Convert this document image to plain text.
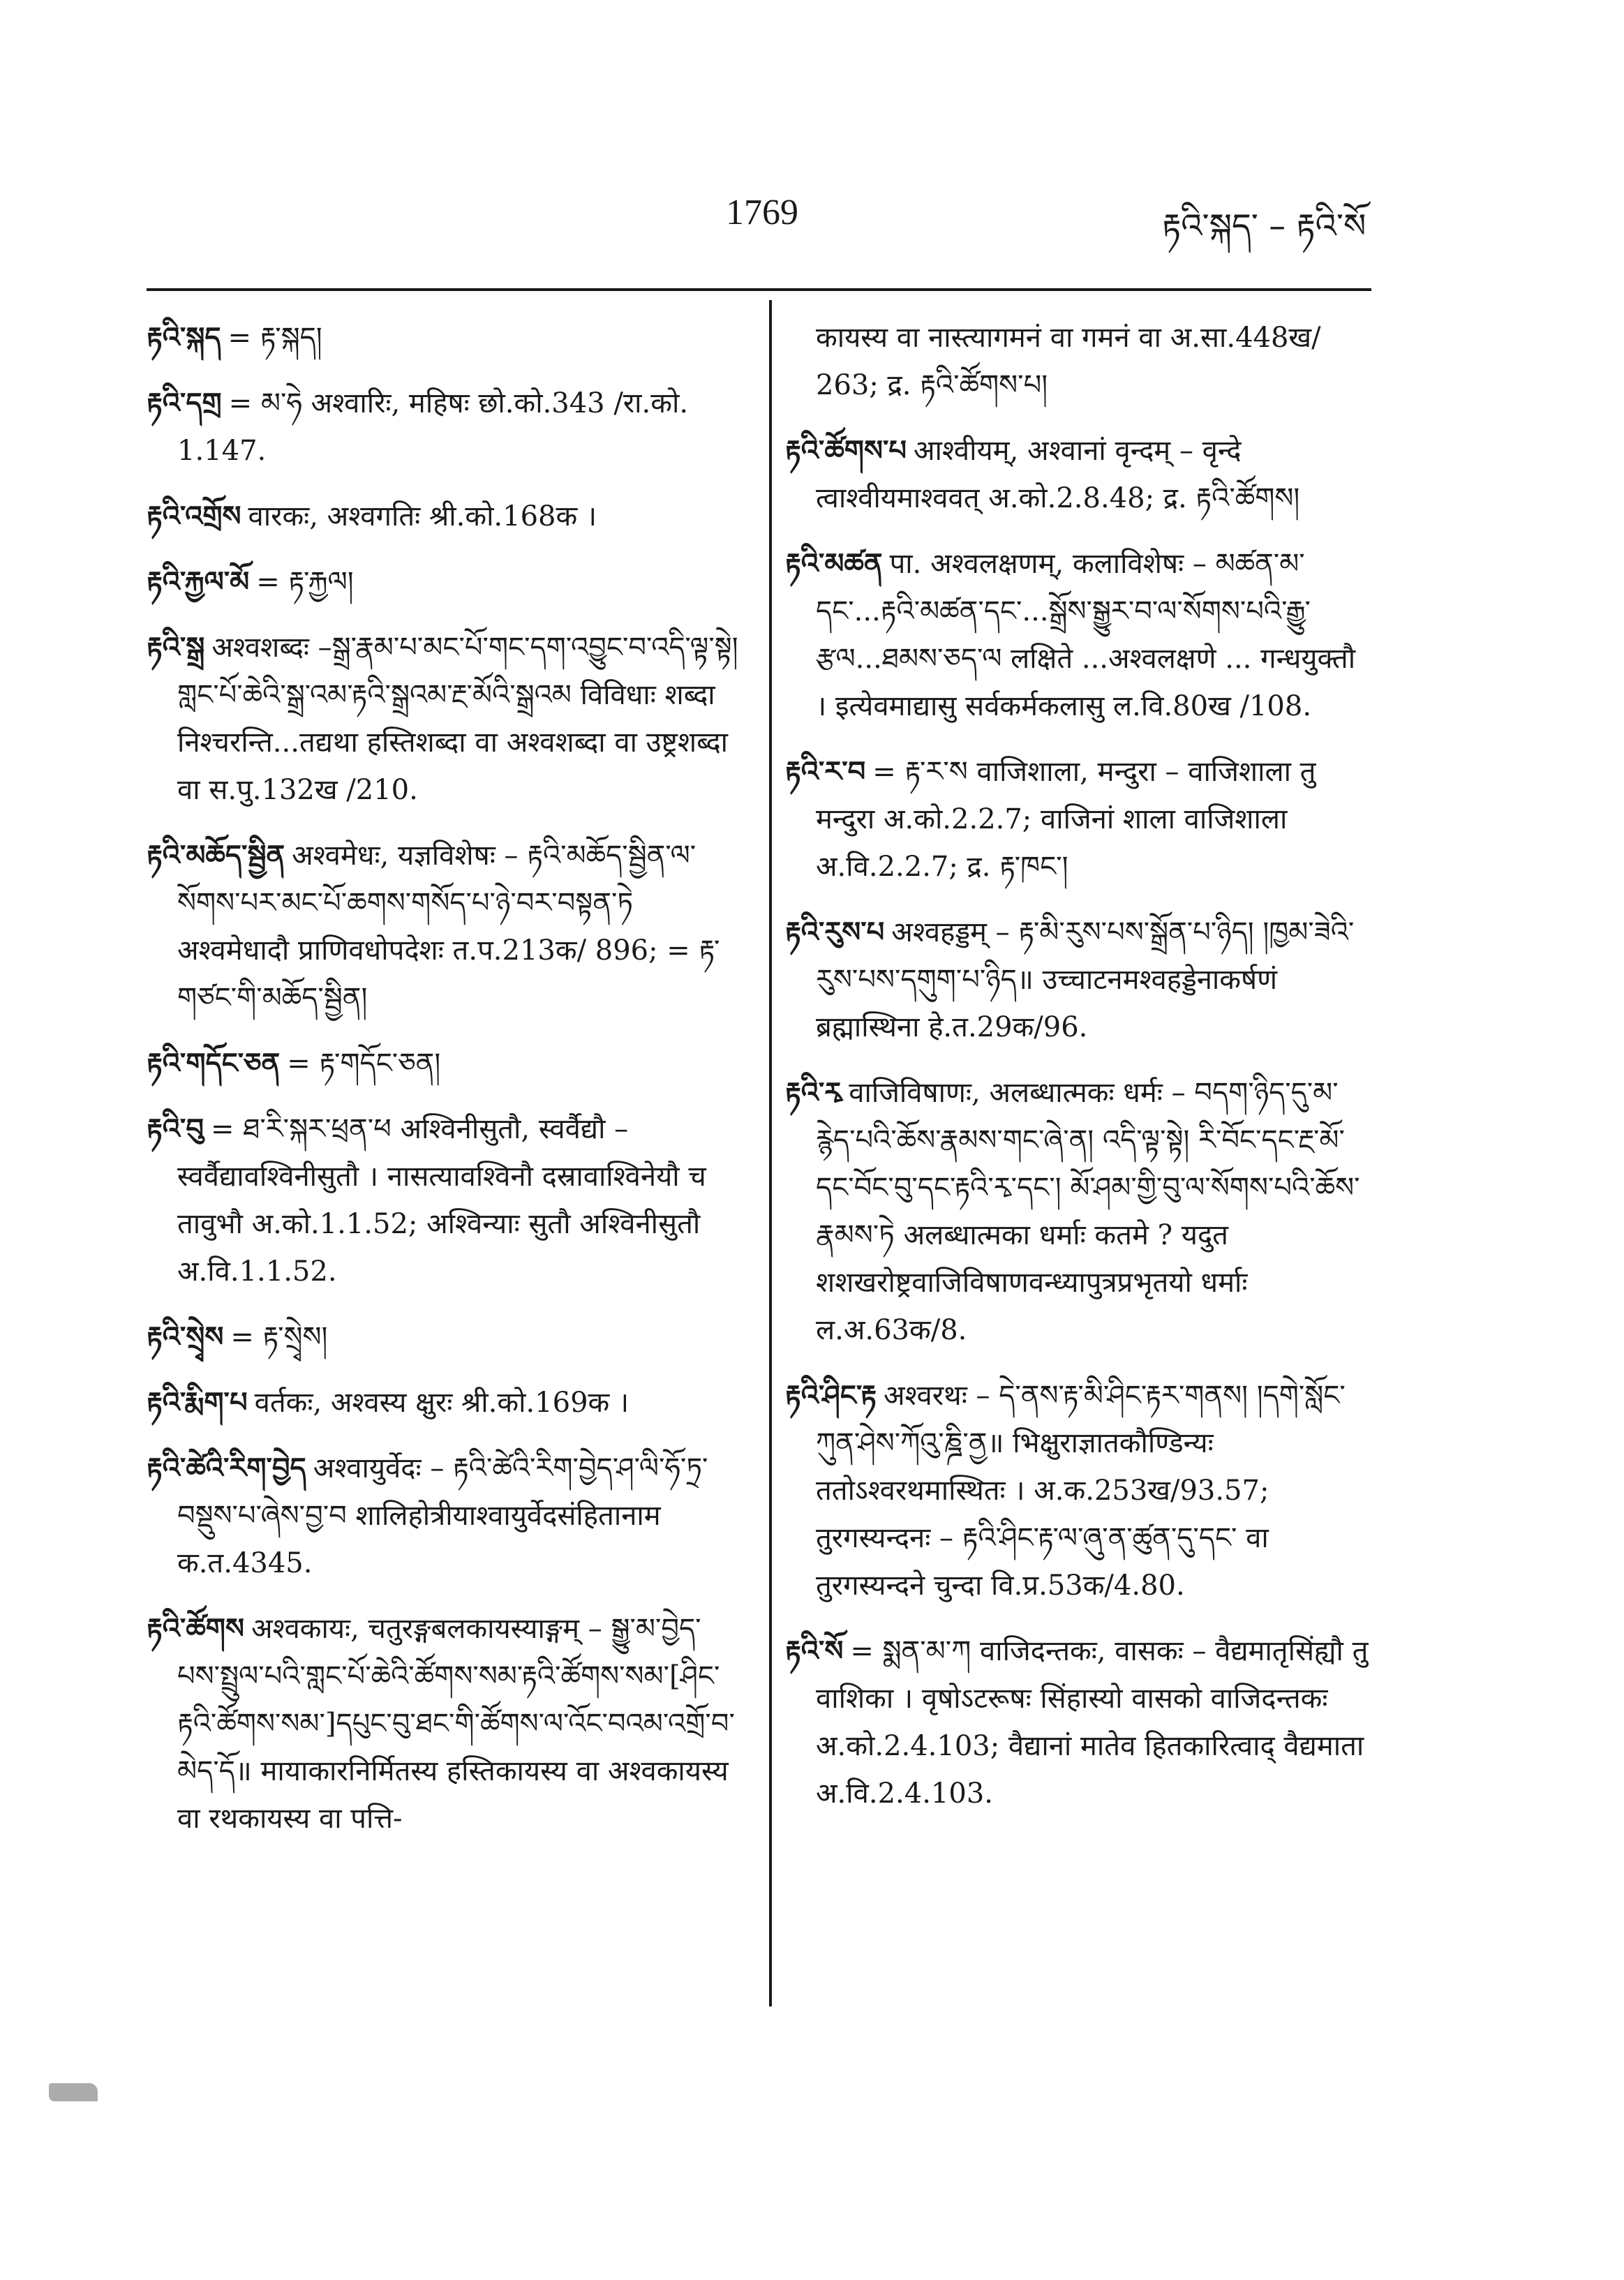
1769	རྟའི་སྐད་ – རྟའི་སོ
རྟའི་སྐད = རྟ་སྐད།
རྟའི་དགྲ = མ་ཧེ अश्वारिः, महिषः छो.को.343 /रा.को. 1.147.
རྟའི་འགྲོས वारकः, अश्वगतिः श्री.को.168क ।
རྟའི་རྐྱལ་མོ = རྟ་རྐྱལ།
རྟའི་སྒྲ अश्वशब्दः –སྒྲ་རྣམ་པ་མང་པོ་གང་དག་འབྱུང་བ་འདི་ལྟ་སྟེ། གླང་པོ་ཆེའི་སྒྲ་འམ་རྟའི་སྒྲའམ་རྔ་མོའི་སྒྲའམ विविधाः शब्दा निश्चरन्ति...तद्यथा हस्तिशब्दा वा अश्वशब्दा वा उष्ट्रशब्दा वा स.पु.132ख /210.
རྟའི་མཆོད་སྦྱིན अश्वमेधः, यज्ञविशेषः – རྟའི་མཆོད་སྦྱིན་ལ་སོགས་པར་མང་པོ་ཆགས་གསོད་པ་ཉེ་བར་བསྟན་ཏེ अश्वमेधादौ प्राणिवधोपदेशः त.प.213क/ 896; = རྟ་གཙང་གི་མཆོད་སྦྱིན།
རྟའི་གདོང་ཅན = རྟ་གདོང་ཅན།
རྟའི་བུ = ཐ་རི་སྐར་ཕྲན་ཕ अश्विनीसुतौ, स्वर्वैद्यौ – स्वर्वैद्यावश्विनीसुतौ । नासत्यावश्विनौ दस्रावाश्विनेयौ च तावुभौ अ.को.1.1.52; अश्विन्याः सुतौ अश्विनीसुतौ अ.वि.1.1.52.
རྟའི་སྲྭེས = རྟ་སྲྭེས།
རྟའི་རྨིག་པ वर्तकः, अश्वस्य क्षुरः श्री.को.169क ।
རྟའི་ཚེའི་རིག་བྱེད अश्वायुर्वेदः – རྟའི་ཚེའི་རིག་བྱེད་ཤ་ལི་ཧོ་ཏྲ་བསྡུས་པ་ཞེས་བྱ་བ शालिहोत्रीयाश्वायुर्वेदसंहितानाम क.त.4345.
རྟའི་ཚོགས अश्वकायः, चतुरङ्गबलकायस्याङ्गम् – སྒྱུ་མ་བྱེད་པས་སྤྲུལ་པའི་གླང་པོ་ཆེའི་ཚོགས་སམ་རྟའི་ཚོགས་སམ་[ཤིང་རྟའི་ཚོགས་སམ་]དཔུང་བུ་ཐང་གི་ཚོགས་ལ་འོང་བའམ་འགྲོ་བ་མེད་དོ॥ मायाकारनिर्मितस्य हस्तिकायस्य वा अश्वकायस्य वा रथकायस्य वा पत्ति-
कायस्य वा नास्त्यागमनं वा गमनं वा अ.सा.448ख/ 263; द्र. རྟའི་ཚོགས་པ།
རྟའི་ཚོགས་པ आश्वीयम्, अश्वानां वृन्दम् – वृन्दे त्वाश्वीयमाश्ववत् अ.को.2.8.48; द्र. རྟའི་ཚོགས།
རྟའི་མཚན पा. अश्वलक्षणम्, कलाविशेषः – མཚན་མ་དང་...རྟའི་མཚན་དང་...སྒྲོས་སྒྱུར་བ་ལ་སོགས་པའི་རྒྱུ་རྩལ...ཐམས་ཅད་ལ लक्षिते ...अश्वलक्षणे ... गन्धयुक्तौ । इत्येवमाद्यासु सर्वकर्मकलासु ल.वि.80ख /108.
རྟའི་ར་བ = རྟ་ར་ས वाजिशाला, मन्दुरा – वाजिशाला तु मन्दुरा अ.को.2.2.7; वाजिनां शाला वाजिशाला अ.वि.2.2.7; द्र. རྟ་ཁང་།
རྟའི་རུས་པ अश्वहड्डम् – རྟ་མི་རུས་པས་སྒྲོན་པ་ཉིད། །ཁྱམ་ཟེའི་རུས་པས་དགུག་པ་ཉིད॥ उच्चाटनमश्वहड्डेनाकर्षणं ब्रह्मास्थिना हे.त.29क/96.
རྟའི་རྭ वाजिविषाणः, अलब्धात्मकः धर्मः – བདག་ཉིད་དུ་མ་རྙེད་པའི་ཆོས་རྣམས་གང་ཞེ་ན། འདི་ལྟ་སྟེ། རི་བོང་དང་རྔ་མོ་དང་བོང་བུ་དང་རྟའི་རྭ་དང་། མོ་ཤམ་གྱི་བུ་ལ་སོགས་པའི་ཆོས་རྣམས་ཏེ अलब्धात्मका धर्माः कतमे ? यदुत शशखरोष्ट्रवाजिविषाणवन्ध्यापुत्रप्रभृतयो धर्माः ल.अ.63क/8.
རྟའི་ཤིང་རྟ अश्वरथः – དེ་ནས་རྟ་མི་ཤིང་རྟར་གནས། །དགེ་སློང་ཀུན་ཤེས་ཀོའུ་ཎྜི་ནྱ॥ भिक्षुराज्ञातकौण्डिन्यः ततोऽश्वरथमास्थितः । अ.क.253ख/93.57; तुरगस्यन्दनः – རྟའི་ཤིང་རྟ་ལ་ཞུ་ན་ཚུན་དུ་དང་ वा तुरगस्यन्दने चुन्दा वि.प्र.53क/4.80.
རྟའི་སོ = སྨན་མ་ཀ वाजिदन्तकः, वासकः – वैद्यमातृसिंह्यौ तु वाशिका । वृषोऽटरूषः सिंहास्यो वासको वाजिदन्तकः अ.को.2.4.103; वैद्यानां मातेव हितकारित्वाद् वैद्यमाता अ.वि.2.4.103.
